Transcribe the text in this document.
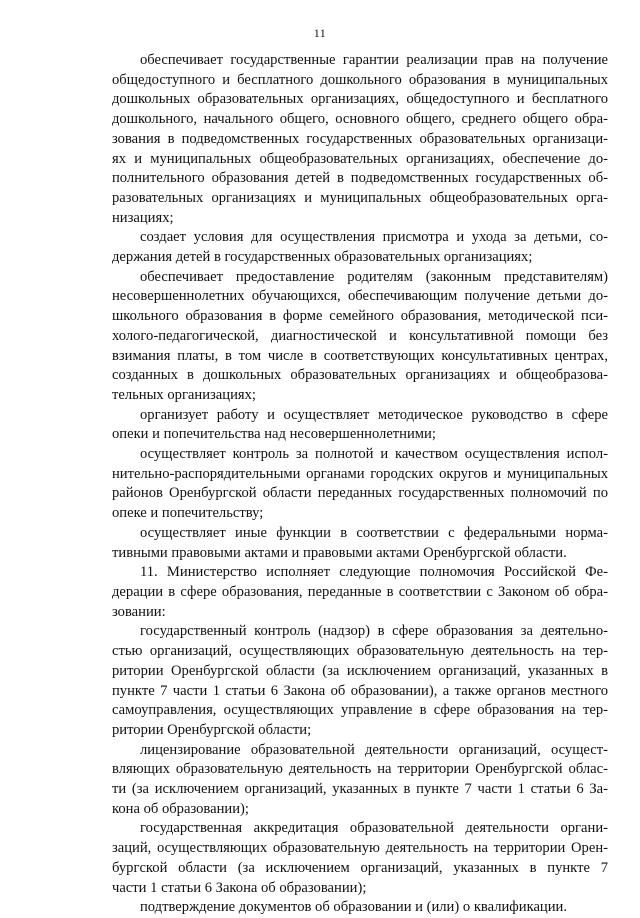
11
обеспечивает государственные гарантии реализации прав на получение
общедоступного и бесплатного дошкольного образования в муниципальных
дошкольных образовательных организациях, общедоступного и бесплатного
дошкольного, начального общего, основного общего, среднего общего обра-
зования в подведомственных государственных образовательных организаци-
ях и муниципальных общеобразовательных организациях, обеспечение до-
полнительного образования детей в подведомственных государственных об-
разовательных организациях и муниципальных общеобразовательных орга-
низациях;
создает условия для осуществления присмотра и ухода за детьми, со-
держания детей в государственных образовательных организациях;
обеспечивает предоставление родителям (законным представителям)
несовершеннолетних обучающихся, обеспечивающим получение детьми до-
школьного образования в форме семейного образования, методической пси-
холого-педагогической, диагностической и консультативной помощи без
взимания платы, в том числе в соответствующих консультативных центрах,
созданных в дошкольных образовательных организациях и общеобразова-
тельных организациях;
организует работу и осуществляет методическое руководство в сфере
опеки и попечительства над несовершеннолетними;
осуществляет контроль за полнотой и качеством осуществления испол-
нительно-распорядительными органами городских округов и муниципальных
районов Оренбургской области переданных государственных полномочий по
опеке и попечительству;
осуществляет иные функции в соответствии с федеральными норма-
тивными правовыми актами и правовыми актами Оренбургской области.
11. Министерство исполняет следующие полномочия Российской Фе-
дерации в сфере образования, переданные в соответствии с Законом об обра-
зовании:
государственный контроль (надзор) в сфере образования за деятельно-
стью организаций, осуществляющих образовательную деятельность на тер-
ритории Оренбургской области (за исключением организаций, указанных в
пункте 7 части 1 статьи 6 Закона об образовании), а также органов местного
самоуправления, осуществляющих управление в сфере образования на тер-
ритории Оренбургской области;
лицензирование образовательной деятельности организаций, осущест-
вляющих образовательную деятельность на территории Оренбургской облас-
ти (за исключением организаций, указанных в пункте 7 части 1 статьи 6 За-
кона об образовании);
государственная аккредитация образовательной деятельности органи-
заций, осуществляющих образовательную деятельность на территории Орен-
бургской области (за исключением организаций, указанных в пункте 7
части 1 статьи 6 Закона об образовании);
подтверждение документов об образовании и (или) о квалификации.
